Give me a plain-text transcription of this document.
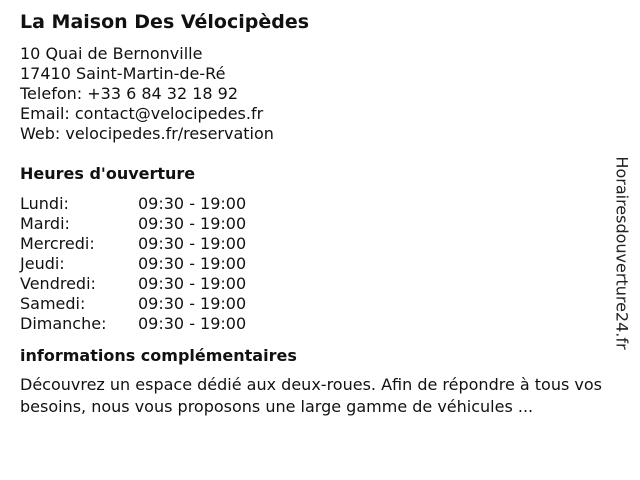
La Maison Des Vélocipèdes

10 Quai de Bernonville

17410 Saint-Martin-de-Ré

Telefon: +33 6 84 32 18 92

Email: contact@velocipedes.fr

Web: velocipedes.fr/reservation

Heures d'ouverture
Lundi:	09:30 - 19:00
Mardi:	09:30 - 19:00
Mercredi:	09:30 - 19:00
Jeudi:	09:30 - 19:00
Vendredi:	09:30 - 19:00
Samedi:	09:30 - 19:00
Dimanche:	09:30 - 19:00
informations complémentaires

Découvrez un espace dédié aux deux-roues. Afin de répondre à tous vos besoins, nous vous proposons une large gamme de véhicules ...

Horairesdouverture24.fr
